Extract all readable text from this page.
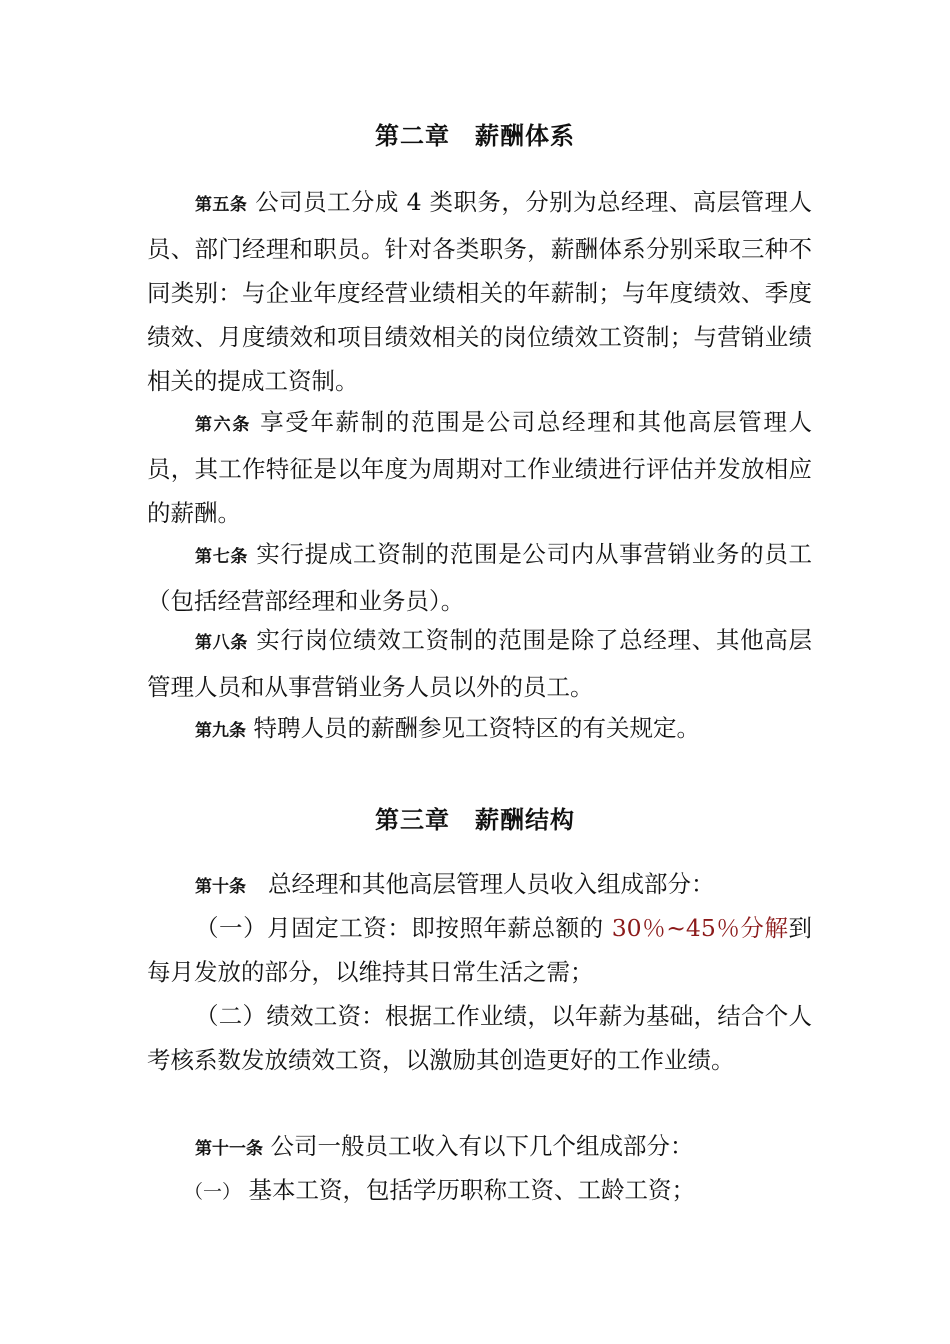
第二章　薪酬体系

第五条 公司员工分成 4 类职务，分别为总经理、高层管理人员、部门经理和职员。针对各类职务，薪酬体系分别采取三种不同类别：与企业年度经营业绩相关的年薪制；与年度绩效、季度绩效、月度绩效和项目绩效相关的岗位绩效工资制；与营销业绩相关的提成工资制。

第六条 享受年薪制的范围是公司总经理和其他高层管理人员，其工作特征是以年度为周期对工作业绩进行评估并发放相应的薪酬。

第七条 实行提成工资制的范围是公司内从事营销业务的员工（包括经营部经理和业务员）。

第八条 实行岗位绩效工资制的范围是除了总经理、其他高层管理人员和从事营销业务人员以外的员工。

第九条 特聘人员的薪酬参见工资特区的有关规定。

第三章　薪酬结构

第十条 总经理和其他高层管理人员收入组成部分：

（一）月固定工资：即按照年薪总额的 30％~45％分解到每月发放的部分，以维持其日常生活之需；

（二）绩效工资：根据工作业绩，以年薪为基础，结合个人考核系数发放绩效工资，以激励其创造更好的工作业绩。

第十一条 公司一般员工收入有以下几个组成部分：

（一） 基本工资，包括学历职称工资、工龄工资；
